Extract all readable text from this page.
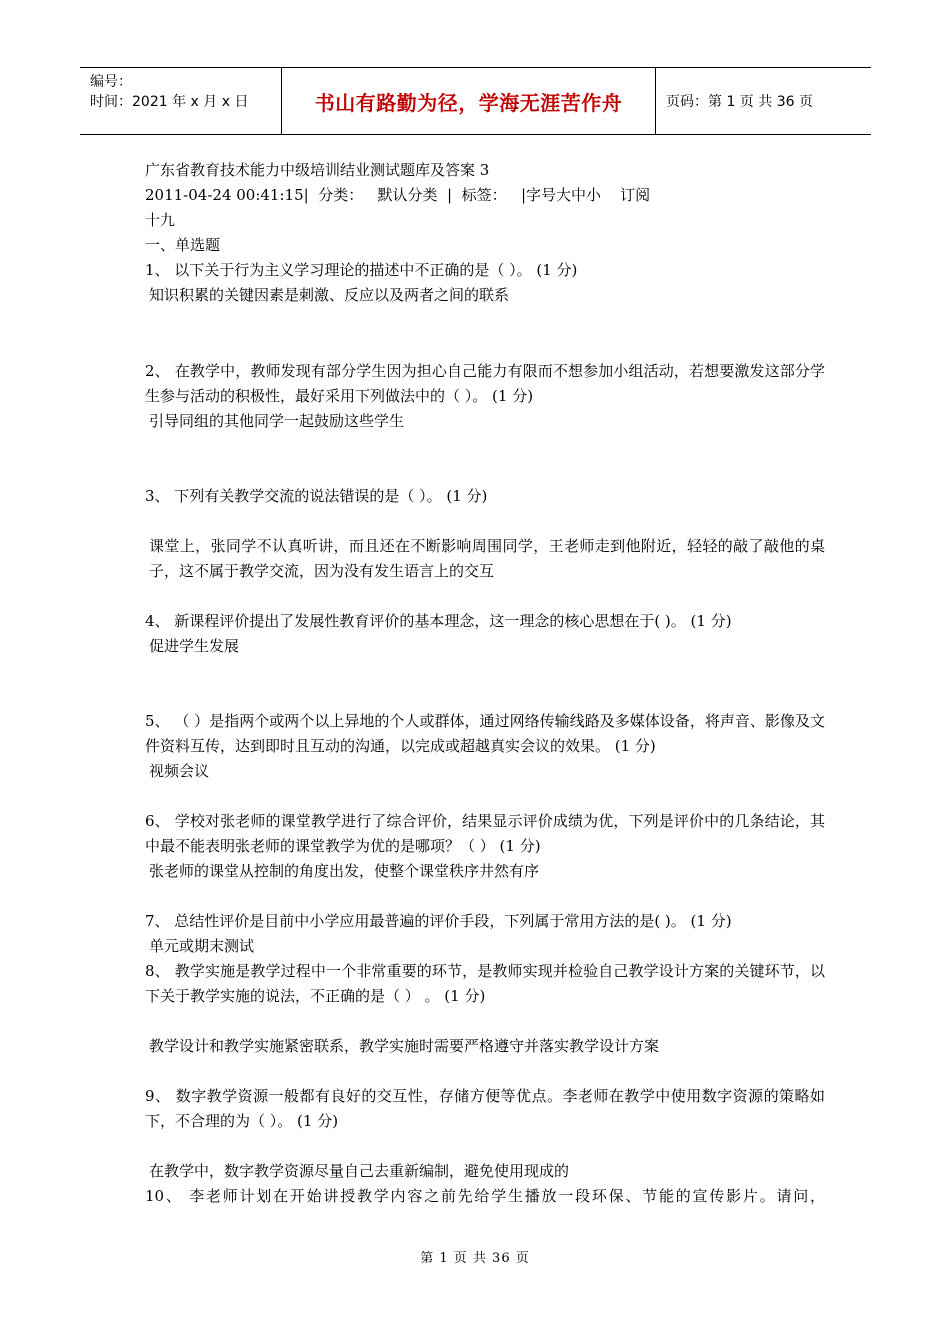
编号：
时间：2021 年 x 月 x 日	书山有路勤为径，学海无涯苦作舟	页码：第 1 页 共 36 页

广东省教育技术能力中级培训结业测试题库及答案 3

2011-04-24 00:41:15|  分类：   默认分类  |  标签：   |字号大中小    订阅

十九

一、单选题

1、 以下关于行为主义学习理论的描述中不正确的是（ ）。 (1 分)

知识积累的关键因素是刺激、反应以及两者之间的联系

2、 在教学中，教师发现有部分学生因为担心自己能力有限而不想参加小组活动，若想要激发这部分学生参与活动的积极性，最好采用下列做法中的（ ）。 (1 分)

引导同组的其他同学一起鼓励这些学生

3、 下列有关教学交流的说法错误的是（ ）。 (1 分)

课堂上，张同学不认真听讲，而且还在不断影响周围同学，王老师走到他附近，轻轻的敲了敲他的桌子，这不属于教学交流，因为没有发生语言上的交互

4、 新课程评价提出了发展性教育评价的基本理念，这一理念的核心思想在于( )。 (1 分)

促进学生发展

5、 （ ）是指两个或两个以上异地的个人或群体，通过网络传输线路及多媒体设备，将声音、影像及文件资料互传，达到即时且互动的沟通，以完成或超越真实会议的效果。 (1 分)

视频会议

6、 学校对张老师的课堂教学进行了综合评价，结果显示评价成绩为优，下列是评价中的几条结论，其中最不能表明张老师的课堂教学为优的是哪项？（ ） (1 分)

张老师的课堂从控制的角度出发，使整个课堂秩序井然有序

7、 总结性评价是目前中小学应用最普遍的评价手段，下列属于常用方法的是( )。 (1 分)

单元或期末测试

8、 教学实施是教学过程中一个非常重要的环节，是教师实现并检验自己教学设计方案的关键环节，以下关于教学实施的说法，不正确的是（ ） 。 (1 分)

教学设计和教学实施紧密联系，教学实施时需要严格遵守并落实教学设计方案

9、 数字教学资源一般都有良好的交互性，存储方便等优点。李老师在教学中使用数字资源的策略如下，不合理的为（ ）。 (1 分)

在教学中，数字教学资源尽量自己去重新编制，避免使用现成的

10、 李老师计划在开始讲授教学内容之前先给学生播放一段环保、节能的宣传影片。请问，

第 1 页 共 36 页
